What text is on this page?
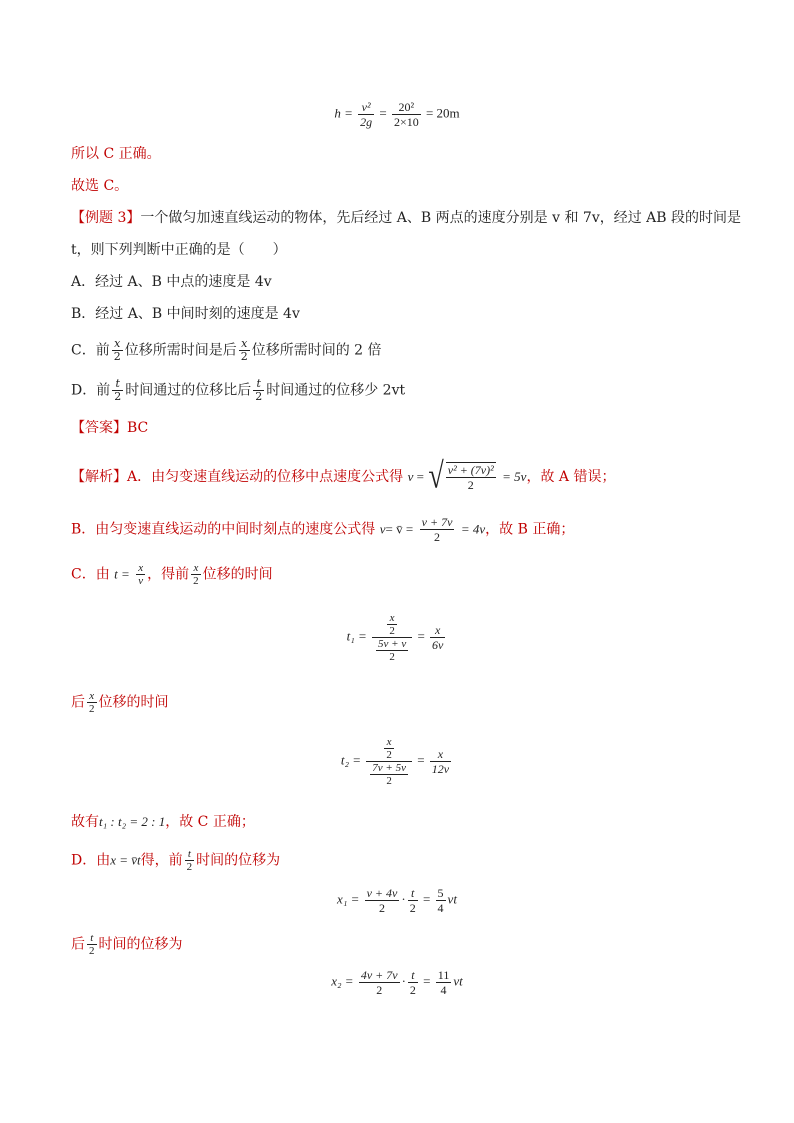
$h = \frac{\text{v²}}{2g} = \frac{\text{20²}}{2\times 10} = 20m$
所以 C 正确。
故选 C。
【例题 3】一个做匀加速直线运动的物体，先后经过 A、B 两点的速度分别是 v 和 7v，经过 AB 段的时间是
t，则下列判断中正确的是（　　）
A．经过 A、B 中点的速度是 4v
B．经过 A、B 中间时刻的速度是 4v
C．前 $\frac{x}{2}$ 位移所需时间是后 $\frac{x}{2}$ 位移所需时间的 2 倍
D．前 $\frac{t}{2}$ 时间通过的位移比后 $\frac{t}{2}$ 时间通过的位移少 2vt
【答案】BC
【解析】A．由匀变速直线运动的位移中点速度公式得 v = √ $\frac{\text{v² + (7v)²}}{2} = 5v$，故 A 错误；
B．由匀变速直线运动的中间时刻点的速度公式得 v= v̄ = $\frac{v + 7v}{2} = 4v$，故 B 正确；
C．由 $t = \frac{x}{v}$ ，得前 $\frac{x}{2}$ 位移的时间
$t_1 = \frac{\frac{x}{2}}{\frac{5v + v}{2}} = \frac{x}{6v}$
后 $\frac{x}{2}$ 位移的时间
$t_2 = \frac{\frac{x}{2}}{\frac{7v + 5v}{2}} = \frac{x}{12v}$
故有t₁ : t₂ = 2 : 1，故 C 正确；
D．由x = v̄t得，前 $\frac{t}{2}$ 时间的位移为
$x_1 = \frac{v + 4v}{2} \cdot \frac{t}{2} = \frac{5}{4}$ vt
后 $\frac{t}{2}$ 时间的位移为
$x_2 = \frac{4v + 7v}{2} \cdot \frac{t}{2} = \frac{11}{4}$ vt
